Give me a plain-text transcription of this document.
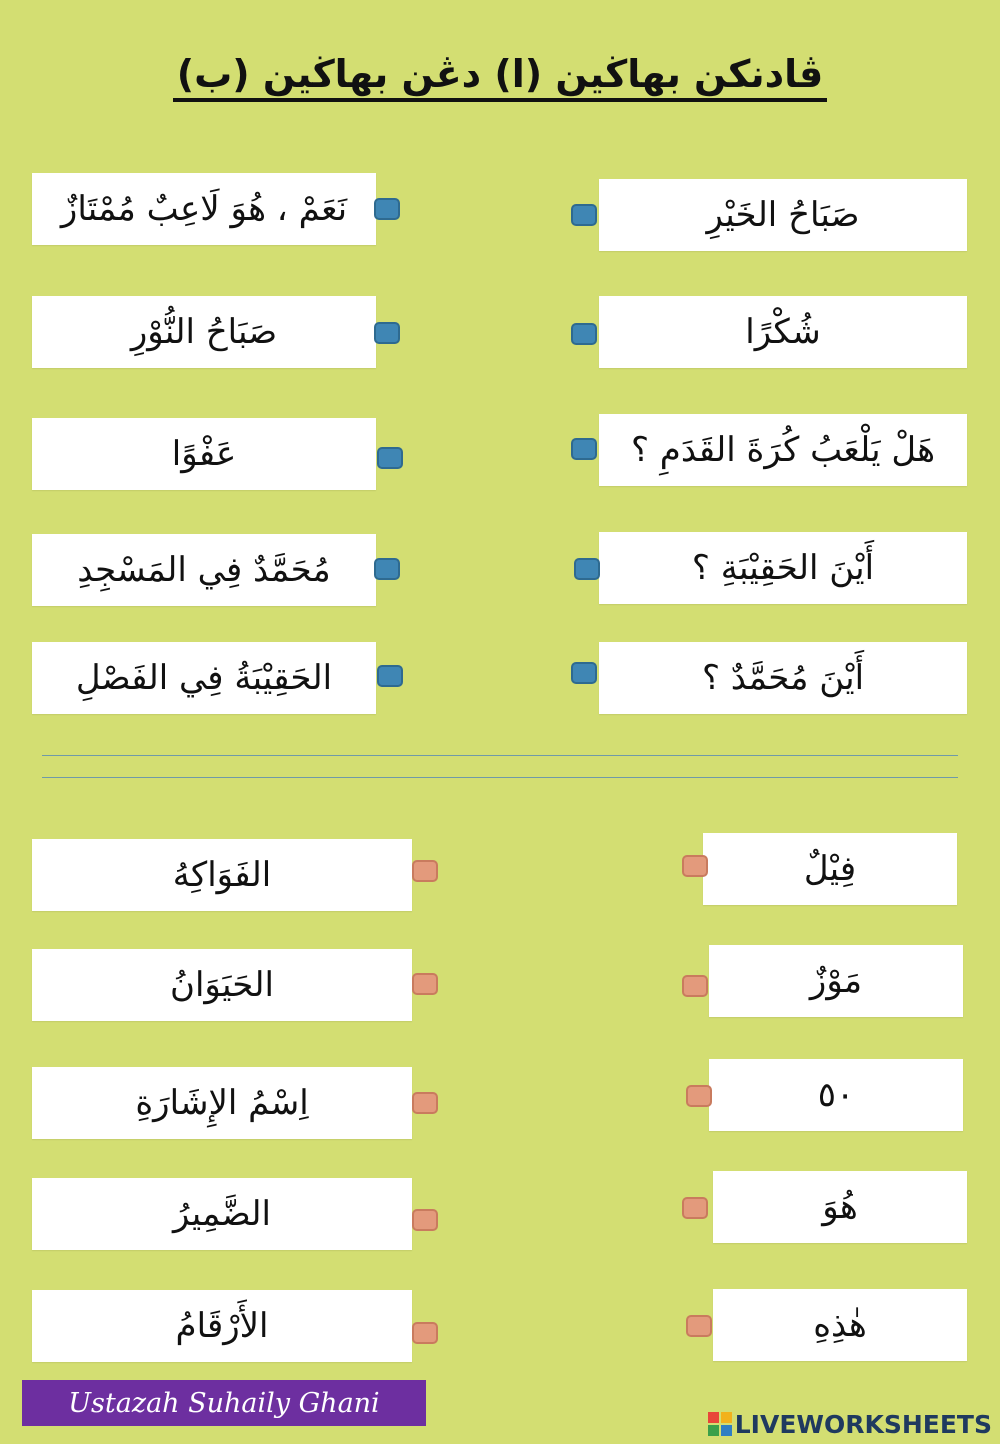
ڤادنكن بهاڬين (ا) دڠن بهاڬين (ب)
نَعَمْ ، هُوَ لَاعِبٌ مُمْتَازٌ
صَبَاحُ النُّوْرِ
عَفْوًا
مُحَمَّدٌ فِي المَسْجِدِ
الحَقِيْبَةُ فِي الفَصْلِ
صَبَاحُ الخَيْرِ
شُكْرًا
هَلْ يَلْعَبُ كُرَةَ القَدَمِ ؟
أَيْنَ الحَقِيْبَةِ ؟
أَيْنَ مُحَمَّدٌ ؟
الفَوَاكِهُ
الحَيَوَانُ
اِسْمُ الإِشَارَةِ
الضَّمِيرُ
الأَرْقَامُ
فِيْلٌ
مَوْزٌ
٥٠
هُوَ
هٰذِهِ
Ustazah Suhaily Ghani
LIVEWORKSHEETS
